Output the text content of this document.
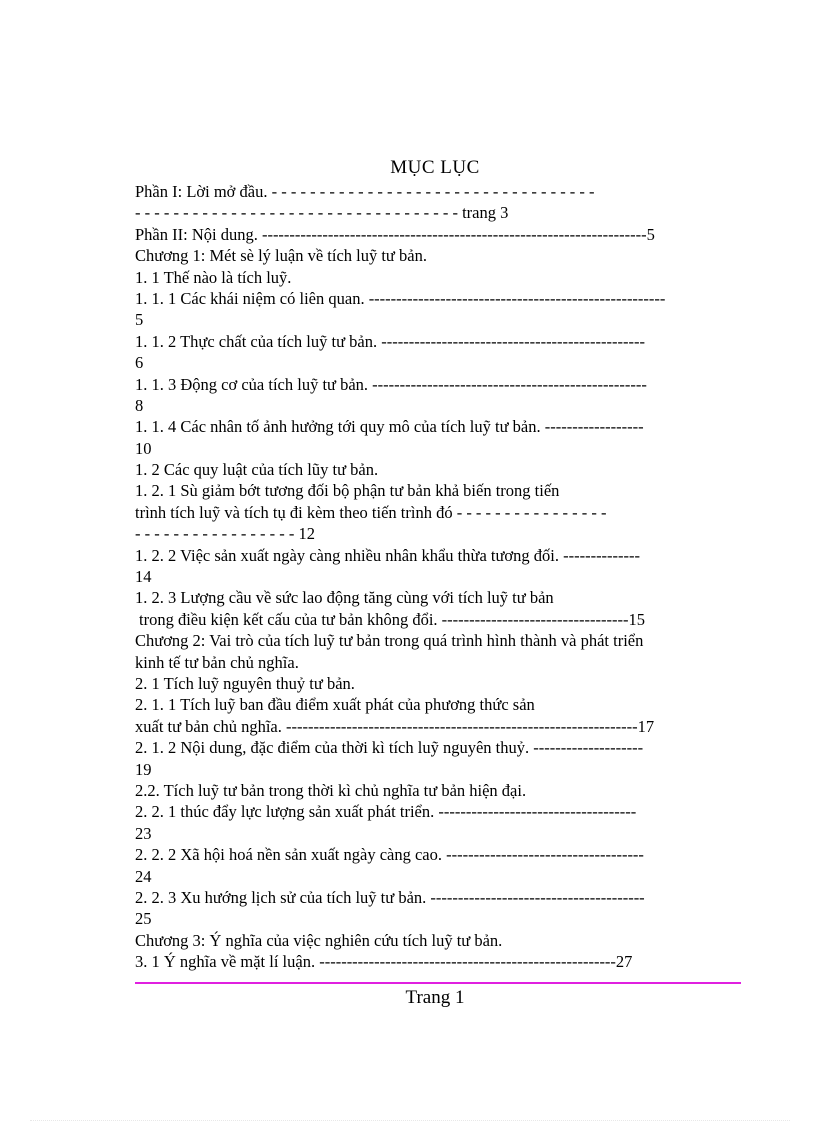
MỤC LỤC
Phần I: Lời mở đầu. - - - - - - - - - - - - - - - - - - - - - - - - - - - - - - - - - -
- - - - - - - - - - - - - - - - - - - - - - - - - - - - - - - - - - trang 3
Phần II: Nội dung. ----------------------------------------------------------------------5
Chương 1: Mét sè lý luận về tích luỹ tư bản.
1. 1 Thế nào là tích luỹ.
1. 1. 1 Các khái niệm có liên quan. ------------------------------------------------------
5
1. 1. 2 Thực chất của tích luỹ tư bản. ------------------------------------------------
6
1. 1. 3 Động cơ của tích luỹ tư bản. --------------------------------------------------
8
1. 1. 4 Các nhân tố ảnh hưởng tới quy mô của tích luỹ tư bản. ------------------
10
1. 2 Các quy luật của tích lũy tư bản.
1. 2. 1 Sù giảm bớt tương đối bộ phận tư bản khả biến trong tiến
trình tích luỹ và tích tụ đi kèm theo tiến trình đó - - - - - - - - - - - - - - - -
- - - - - - - - - - - - - - - - - 12
1. 2. 2 Việc sản xuất ngày càng nhiều nhân khẩu thừa tương đối. --------------
14
1. 2. 3 Lượng cầu về sức lao động tăng cùng với tích luỹ tư bản
trong điều kiện kết cấu của tư bản không đổi. ----------------------------------15
Chương 2: Vai trò của tích luỹ tư bản trong quá trình hình thành và phát triển
kinh tế tư bản chủ nghĩa.
2. 1 Tích luỹ nguyên thuỷ tư bản.
2. 1. 1 Tích luỹ ban đầu điểm xuất phát của phương thức sản
xuất tư bản chủ nghĩa. ----------------------------------------------------------------17
2. 1. 2 Nội dung, đặc điểm của thời kì tích luỹ nguyên thuỷ. --------------------
19
2.2. Tích luỹ tư bản trong thời kì chủ nghĩa tư bản hiện đại.
2. 2. 1 thúc đẩy lực lượng sản xuất phát triển. ------------------------------------
23
2. 2. 2 Xã hội hoá nền sản xuất ngày càng cao. ------------------------------------
24
2. 2. 3 Xu hướng lịch sử của tích luỹ tư bản. ---------------------------------------
25
Chương 3: Ý nghĩa của việc nghiên cứu tích luỹ tư bản.
3. 1 Ý nghĩa về mặt lí luận. ------------------------------------------------------27
Trang 1
